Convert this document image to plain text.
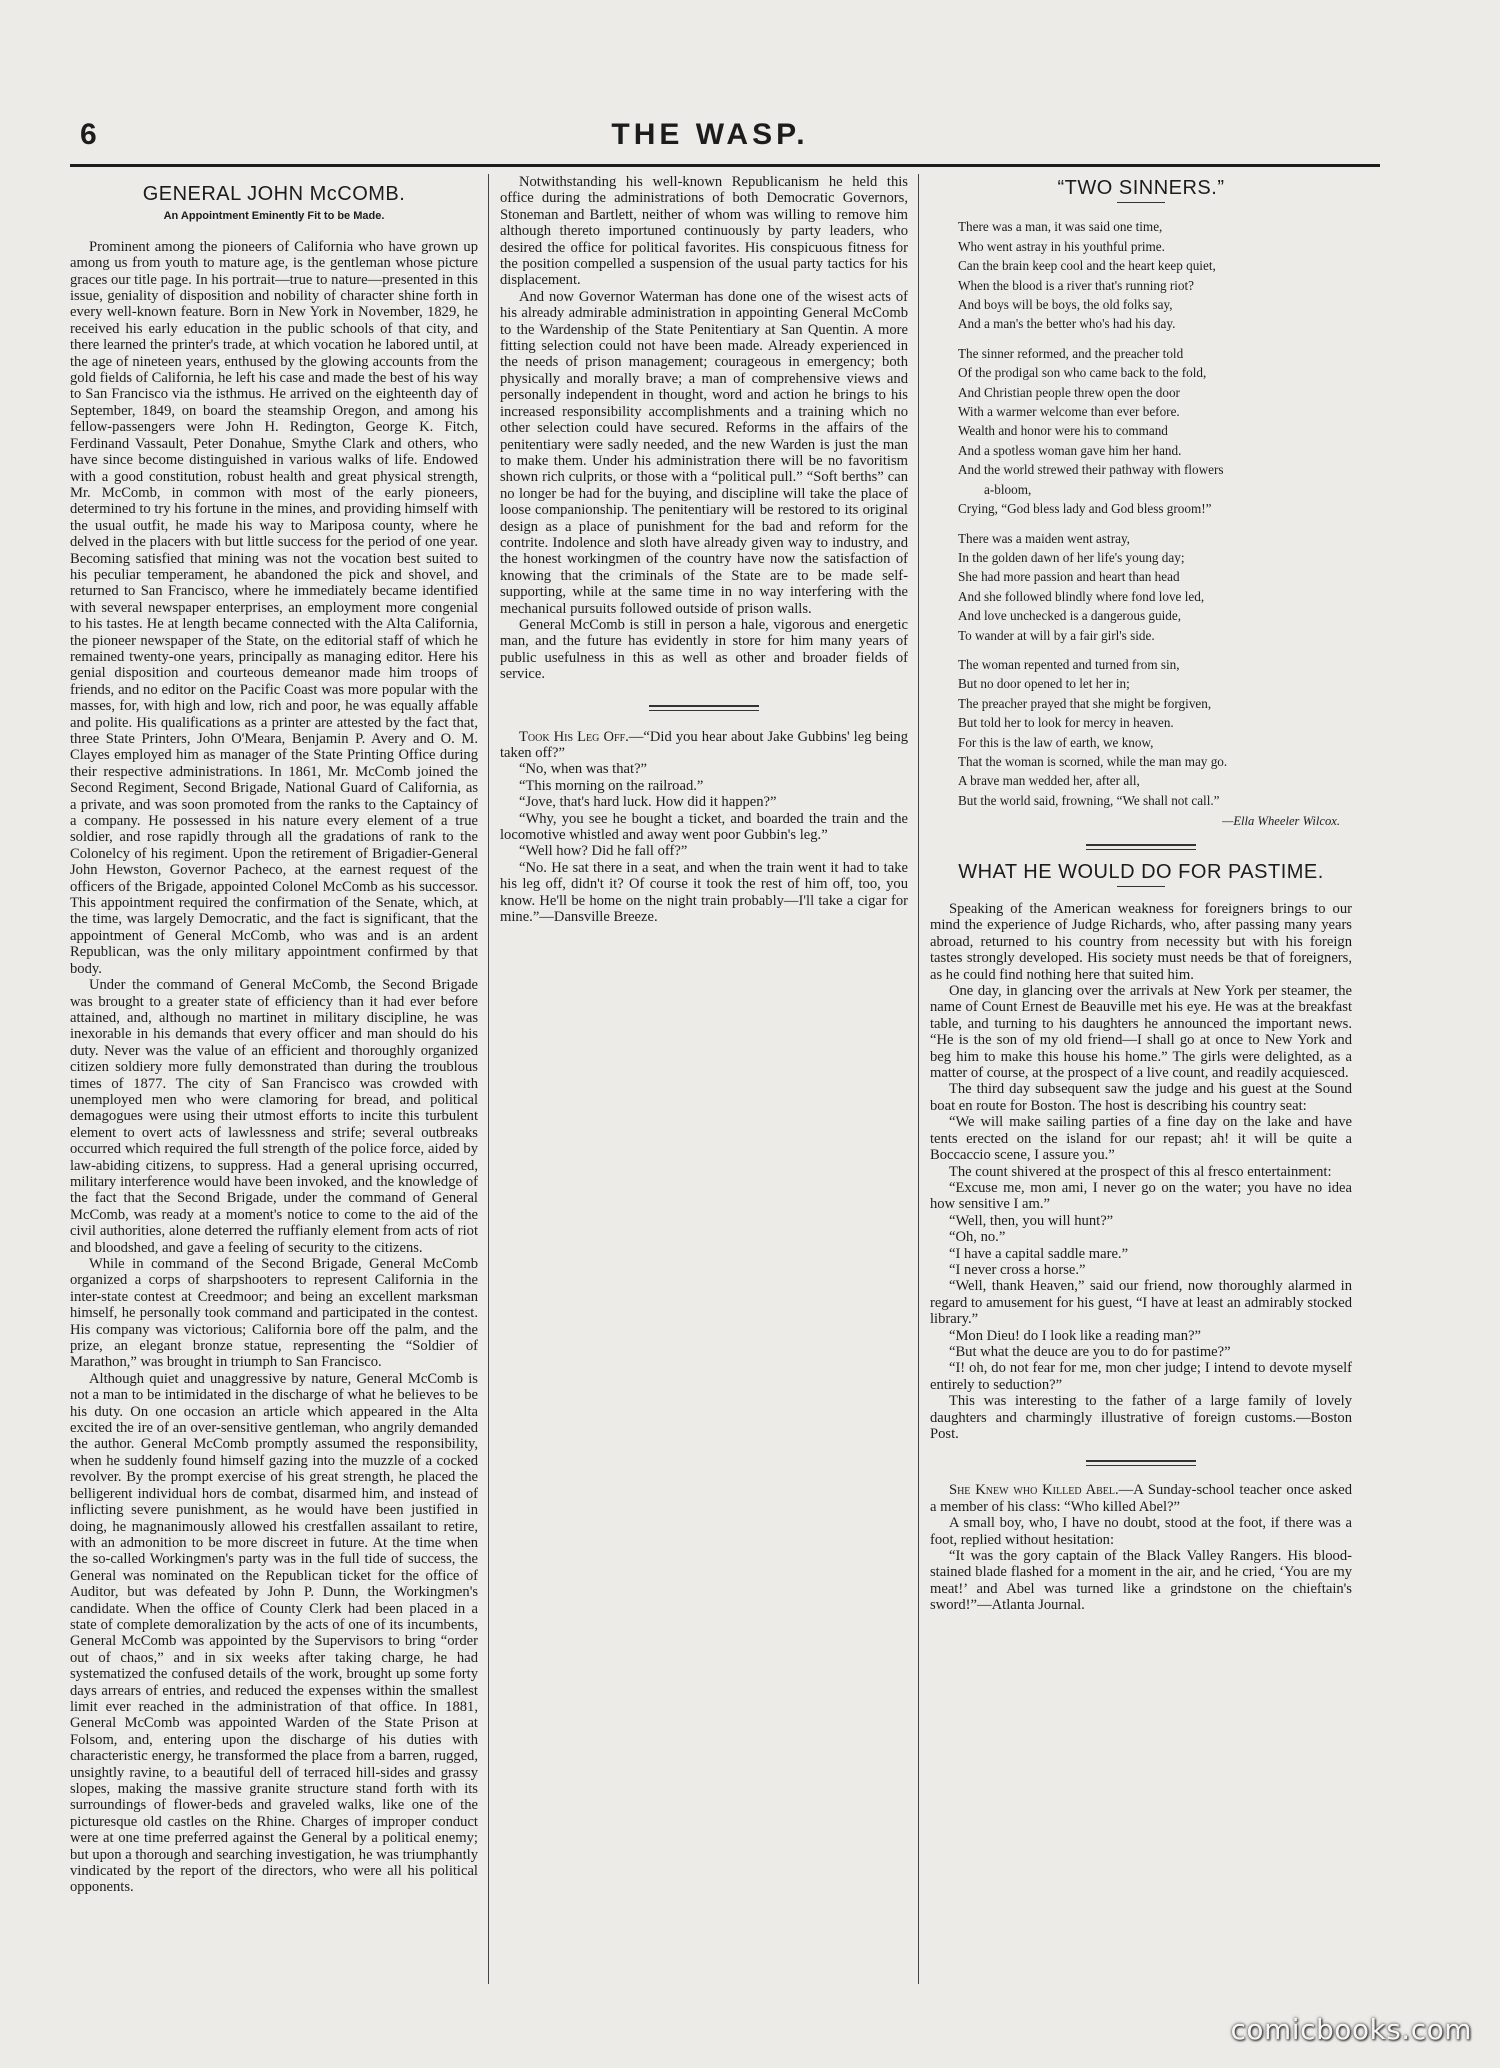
6	THE WASP.
GENERAL JOHN McCOMB.
An Appointment Eminently Fit to be Made.

Prominent among the pioneers of California who have grown up among us from youth to mature age, is the gentleman whose picture graces our title page. In his portrait—true to nature—presented in this issue, geniality of disposition and nobility of character shine forth in every well-known feature. Born in New York in November, 1829, he received his early education in the public schools of that city, and there learned the printer's trade, at which vocation he labored until, at the age of nineteen years, enthused by the glowing accounts from the gold fields of California, he left his case and made the best of his way to San Francisco via the isthmus. He arrived on the eighteenth day of September, 1849, on board the steamship Oregon, and among his fellow-passengers were John H. Redington, George K. Fitch, Ferdinand Vassault, Peter Donahue, Smythe Clark and others, who have since become distinguished in various walks of life. Endowed with a good constitution, robust health and great physical strength, Mr. McComb, in common with most of the early pioneers, determined to try his fortune in the mines, and providing himself with the usual outfit, he made his way to Mariposa county, where he delved in the placers with but little success for the period of one year. Becoming satisfied that mining was not the vocation best suited to his peculiar temperament, he abandoned the pick and shovel, and returned to San Francisco, where he immediately became identified with several newspaper enterprises, an employment more congenial to his tastes. He at length became connected with the Alta California, the pioneer newspaper of the State, on the editorial staff of which he remained twenty-one years, principally as managing editor. Here his genial disposition and courteous demeanor made him troops of friends, and no editor on the Pacific Coast was more popular with the masses, for, with high and low, rich and poor, he was equally affable and polite. His qualifications as a printer are attested by the fact that, three State Printers, John O'Meara, Benjamin P. Avery and O. M. Clayes employed him as manager of the State Printing Office during their respective administrations. In 1861, Mr. McComb joined the Second Regiment, Second Brigade, National Guard of California, as a private, and was soon promoted from the ranks to the Captaincy of a company. He possessed in his nature every element of a true soldier, and rose rapidly through all the gradations of rank to the Colonelcy of his regiment. Upon the retirement of Brigadier-General John Hewston, Governor Pacheco, at the earnest request of the officers of the Brigade, appointed Colonel McComb as his successor. This appointment required the confirmation of the Senate, which, at the time, was largely Democratic, and the fact is significant, that the appointment of General McComb, who was and is an ardent Republican, was the only military appointment confirmed by that body.

Under the command of General McComb, the Second Brigade was brought to a greater state of efficiency than it had ever before attained, and, although no martinet in military discipline, he was inexorable in his demands that every officer and man should do his duty. Never was the value of an efficient and thoroughly organized citizen soldiery more fully demonstrated than during the troublous times of 1877. The city of San Francisco was crowded with unemployed men who were clamoring for bread, and political demagogues were using their utmost efforts to incite this turbulent element to overt acts of lawlessness and strife; several outbreaks occurred which required the full strength of the police force, aided by law-abiding citizens, to suppress. Had a general uprising occurred, military interference would have been invoked, and the knowledge of the fact that the Second Brigade, under the command of General McComb, was ready at a moment's notice to come to the aid of the civil authorities, alone deterred the ruffianly element from acts of riot and bloodshed, and gave a feeling of security to the citizens.

While in command of the Second Brigade, General McComb organized a corps of sharpshooters to represent California in the inter-state contest at Creedmoor; and being an excellent marksman himself, he personally took command and participated in the contest. His company was victorious; California bore off the palm, and the prize, an elegant bronze statue, representing the “Soldier of Marathon,” was brought in triumph to San Francisco.

Although quiet and unaggressive by nature, General McComb is not a man to be intimidated in the discharge of what he believes to be his duty. On one occasion an article which appeared in the Alta excited the ire of an over-sensitive gentleman, who angrily demanded the author. General McComb promptly assumed the responsibility, when he suddenly found himself gazing into the muzzle of a cocked revolver. By the prompt exercise of his great strength, he placed the belligerent individual hors de combat, disarmed him, and instead of inflicting severe punishment, as he would have been justified in doing, he magnanimously allowed his crestfallen assailant to retire, with an admonition to be more discreet in future. At the time when the so-called Workingmen's party was in the full tide of success, the General was nominated on the Republican ticket for the office of Auditor, but was defeated by John P. Dunn, the Workingmen's candidate. When the office of County Clerk had been placed in a state of complete demoralization by the acts of one of its incumbents, General McComb was appointed by the Supervisors to bring “order out of chaos,” and in six weeks after taking charge, he had systematized the confused details of the work, brought up some forty days arrears of entries, and reduced the expenses within the smallest limit ever reached in the administration of that office. In 1881, General McComb was appointed Warden of the State Prison at Folsom, and, entering upon the discharge of his duties with characteristic energy, he transformed the place from a barren, rugged, unsightly ravine, to a beautiful dell of terraced hill-sides and grassy slopes, making the massive granite structure stand forth with its surroundings of flower-beds and graveled walks, like one of the picturesque old castles on the Rhine. Charges of improper conduct were at one time preferred against the General by a political enemy; but upon a thorough and searching investigation, he was triumphantly vindicated by the report of the directors, who were all his political opponents.

Notwithstanding his well-known Republicanism he held this office during the administrations of both Democratic Governors, Stoneman and Bartlett, neither of whom was willing to remove him although thereto importuned continuously by party leaders, who desired the office for political favorites. His conspicuous fitness for the position compelled a suspension of the usual party tactics for his displacement.

And now Governor Waterman has done one of the wisest acts of his already admirable administration in appointing General McComb to the Wardenship of the State Penitentiary at San Quentin. A more fitting selection could not have been made. Already experienced in the needs of prison management; courageous in emergency; both physically and morally brave; a man of comprehensive views and personally independent in thought, word and action he brings to his increased responsibility accomplishments and a training which no other selection could have secured. Reforms in the affairs of the penitentiary were sadly needed, and the new Warden is just the man to make them. Under his administration there will be no favoritism shown rich culprits, or those with a “political pull.” “Soft berths” can no longer be had for the buying, and discipline will take the place of loose companionship. The penitentiary will be restored to its original design as a place of punishment for the bad and reform for the contrite. Indolence and sloth have already given way to industry, and the honest workingmen of the country have now the satisfaction of knowing that the criminals of the State are to be made self-supporting, while at the same time in no way interfering with the mechanical pursuits followed outside of prison walls.

General McComb is still in person a hale, vigorous and energetic man, and the future has evidently in store for him many years of public usefulness in this as well as other and broader fields of service.

Took His Leg Off.—“Did you hear about Jake Gubbins' leg being taken off?”

“No, when was that?”

“This morning on the railroad.”

“Jove, that's hard luck. How did it happen?”

“Why, you see he bought a ticket, and boarded the train and the locomotive whistled and away went poor Gubbin's leg.”

“Well how? Did he fall off?”

“No. He sat there in a seat, and when the train went it had to take his leg off, didn't it? Of course it took the rest of him off, too, you know. He'll be home on the night train probably—I'll take a cigar for mine.”—Dansville Breeze.

“TWO SINNERS.”
There was a man, it was said one time,
Who went astray in his youthful prime.
Can the brain keep cool and the heart keep quiet,
When the blood is a river that's running riot?
And boys will be boys, the old folks say,
And a man's the better who's had his day.
The sinner reformed, and the preacher told
Of the prodigal son who came back to the fold,
And Christian people threw open the door
With a warmer welcome than ever before.
Wealth and honor were his to command
And a spotless woman gave him her hand.
And the world strewed their pathway with flowers
a-bloom,
Crying, “God bless lady and God bless groom!”
There was a maiden went astray,
In the golden dawn of her life's young day;
She had more passion and heart than head
And she followed blindly where fond love led,
And love unchecked is a dangerous guide,
To wander at will by a fair girl's side.
The woman repented and turned from sin,
But no door opened to let her in;
The preacher prayed that she might be forgiven,
But told her to look for mercy in heaven.
For this is the law of earth, we know,
That the woman is scorned, while the man may go.
A brave man wedded her, after all,
But the world said, frowning, “We shall not call.”
—Ella Wheeler Wilcox.
WHAT HE WOULD DO FOR PASTIME.

Speaking of the American weakness for foreigners brings to our mind the experience of Judge Richards, who, after passing many years abroad, returned to his country from necessity but with his foreign tastes strongly developed. His society must needs be that of foreigners, as he could find nothing here that suited him.

One day, in glancing over the arrivals at New York per steamer, the name of Count Ernest de Beauville met his eye. He was at the breakfast table, and turning to his daughters he announced the important news. “He is the son of my old friend—I shall go at once to New York and beg him to make this house his home.” The girls were delighted, as a matter of course, at the prospect of a live count, and readily acquiesced.

The third day subsequent saw the judge and his guest at the Sound boat en route for Boston. The host is describing his country seat:

“We will make sailing parties of a fine day on the lake and have tents erected on the island for our repast; ah! it will be quite a Boccaccio scene, I assure you.”

The count shivered at the prospect of this al fresco entertainment:

“Excuse me, mon ami, I never go on the water; you have no idea how sensitive I am.”

“Well, then, you will hunt?”

“Oh, no.”

“I have a capital saddle mare.”

“I never cross a horse.”

“Well, thank Heaven,” said our friend, now thoroughly alarmed in regard to amusement for his guest, “I have at least an admirably stocked library.”

“Mon Dieu! do I look like a reading man?”

“But what the deuce are you to do for pastime?”

“I! oh, do not fear for me, mon cher judge; I intend to devote myself entirely to seduction?”

This was interesting to the father of a large family of lovely daughters and charmingly illustrative of foreign customs.—Boston Post.

She Knew who Killed Abel.—A Sunday-school teacher once asked a member of his class: “Who killed Abel?”

A small boy, who, I have no doubt, stood at the foot, if there was a foot, replied without hesitation:

“It was the gory captain of the Black Valley Rangers. His blood-stained blade flashed for a moment in the air, and he cried, ‘You are my meat!’ and Abel was turned like a grindstone on the chieftain's sword!”—Atlanta Journal.

comicbooks.com
